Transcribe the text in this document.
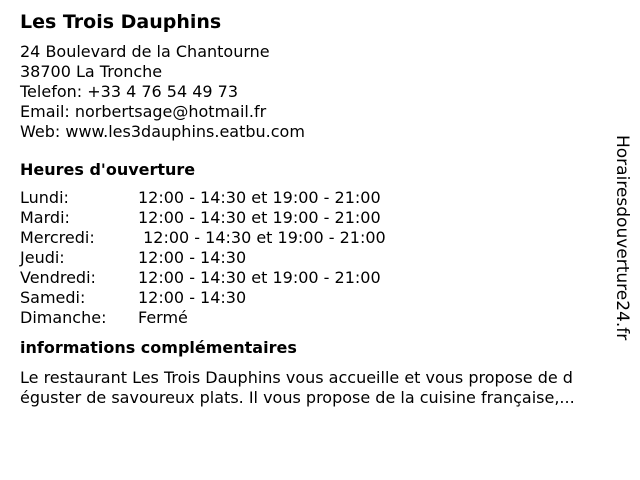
Les Trois Dauphins
24 Boulevard de la Chantourne
38700 La Tronche
Telefon: +33 4 76 54 49 73
Email: norbertsage@hotmail.fr
Web: www.les3dauphins.eatbu.com
Heures d'ouverture
Lundi:	12:00 - 14:30 et 19:00 - 21:00
Mardi:	12:00 - 14:30 et 19:00 - 21:00
Mercredi:	12:00 - 14:30 et 19:00 - 21:00
Jeudi:	12:00 - 14:30
Vendredi:	12:00 - 14:30 et 19:00 - 21:00
Samedi:	12:00 - 14:30
Dimanche:	Fermé
informations complémentaires
Le restaurant Les Trois Dauphins vous accueille et vous propose de d
éguster de savoureux plats. Il vous propose de la cuisine française,...
Horairesdouverture24.fr
